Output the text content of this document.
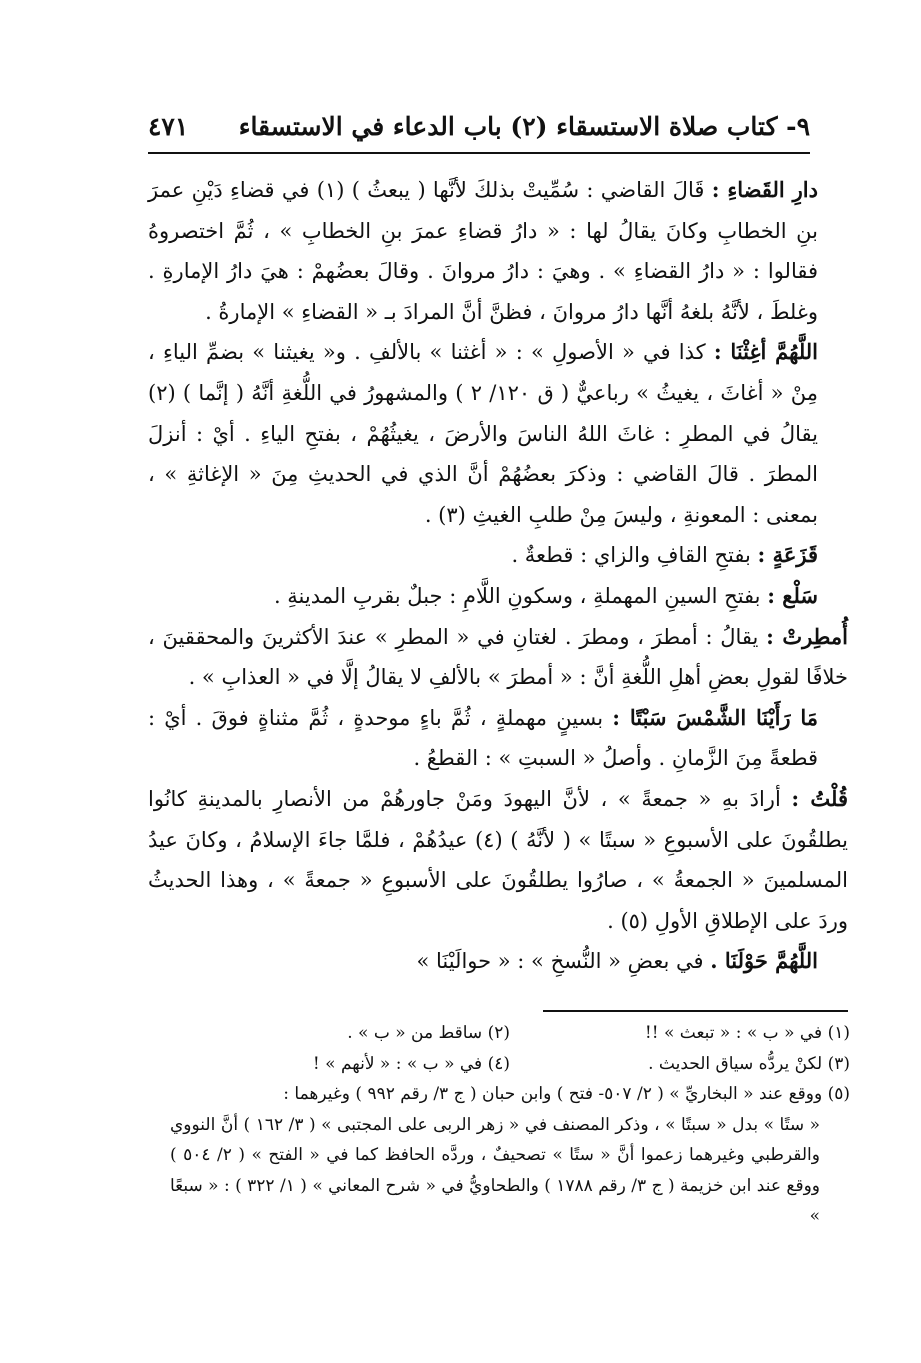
٩- كتاب صلاة الاستسقاء (٢) باب الدعاء في الاستسقاء
٤٧١

دارِ القَضاءِ : قَالَ القاضي : سُمِّيتْ بذلكَ لأنَّها ( يبعثُ ) (١) في قضاءِ دَيْنِ عمرَ بنِ الخطابِ وكانَ يقالُ لها : « دارُ قضاءِ عمرَ بنِ الخطابِ » ، ثُمَّ اختصروهُ فقالوا : « دارُ القضاءِ » . وهيَ : دارُ مروانَ . وقالَ بعضُهمْ : هيَ دارُ الإمارةِ . وغلطَ ، لأنَّهُ بلغهُ أنَّها دارُ مروانَ ، فظنَّ أنَّ المرادَ بـ « القضاءِ » الإمارةُ .

اللَّهُمَّ أغِثْنَا : كذا في « الأصولِ » : « أغثنا » بالألفِ . و« يغيثنا » بضمِّ الياءِ ، مِنْ « أغاثَ ، يغيثُ » رباعيٌّ ( ق ١٢٠/ ٢ ) والمشهورُ في اللُّغةِ أنَّهُ ( إنَّما ) (٢) يقالُ في المطرِ : غاثَ اللهُ الناسَ والأرضَ ، يغيثُهُمْ ، بفتحِ الياءِ . أيْ : أنزلَ المطرَ . قالَ القاضي : وذكرَ بعضُهُمْ أنَّ الذي في الحديثِ مِنَ « الإغاثةِ » ، بمعنى : المعونةِ ، وليسَ مِنْ طلبِ الغيثِ (٣) .

قَزَعَةٍ : بفتحِ القافِ والزاي : قطعةٌ .

سَلْع : بفتحِ السينِ المهملةِ ، وسكونِ اللَّامِ : جبلٌ بقربِ المدينةِ .

أُمطِرتْ : يقالُ : أمطرَ ، ومطرَ . لغتانِ في « المطرِ » عندَ الأكثرينَ والمحققينَ ، خلافًا لقولِ بعضِ أهلِ اللُّغةِ أنَّ : « أمطرَ » بالألفِ لا يقالُ إلَّا في « العذابِ » .

مَا رَأَيْنَا الشَّمْسَ سَبْتًا : بسينٍ مهملةٍ ، ثُمَّ باءٍ موحدةٍ ، ثُمَّ مثناةٍ فوقَ . أيْ : قطعةً مِنَ الزَّمانِ . وأصلُ « السبتِ » : القطعُ .

قُلْتُ : أرادَ بهِ « جمعةً » ، لأنَّ اليهودَ ومَنْ جاورهُمْ من الأنصارِ بالمدينةِ كانُوا يطلقُونَ على الأسبوعِ « سبتًا » ( لأنَّهُ ) (٤) عيدُهُمْ ، فلمَّا جاءَ الإسلامُ ، وكانَ عيدُ المسلمينَ « الجمعةُ » ، صارُوا يطلقُونَ على الأسبوعِ « جمعةً » ، وهذا الحديثُ وردَ على الإطلاقِ الأولِ (٥) .

اللَّهُمَّ حَوْلَنَا . في بعضِ « النُّسخِ » : « حوالَيْنَا »

(١) في « ب » : « تبعث » !!
(٢) ساقط من « ب » .
(٣) لكنْ يردُّه سياق الحديث .
(٤) في « ب » : « لأنهم » !
(٥) ووقع عند « البخاريِّ » ( ٢/ ٥٠٧- فتح ) وابن حبان ( ج ٣/ رقم ٩٩٢ ) وغيرهما :
« ستًا » بدل « سبتًا » ، وذكر المصنف في « زهر الربى على المجتبى » ( ٣/ ١٦٢ ) أنَّ النووي والقرطبي وغيرهما زعموا أنَّ « ستًا » تصحيفٌ ، وردَّه الحافظ كما في « الفتح » ( ٢/ ٥٠٤ ) ووقع عند ابن خزيمة ( ج ٣/ رقم ١٧٨٨ ) والطحاويُّ في « شرح المعاني » ( ١/ ٣٢٢ ) : « سبعًا »
